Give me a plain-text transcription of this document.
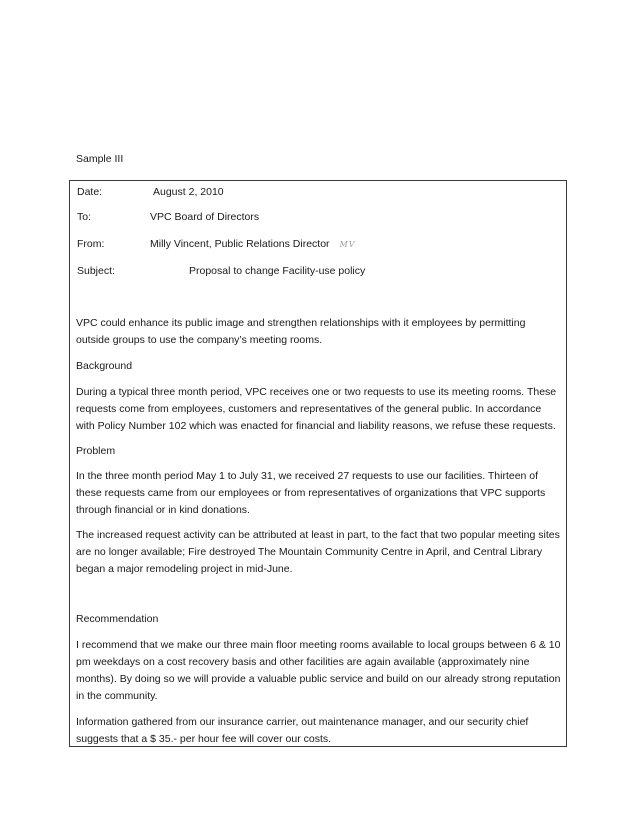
Sample III
Date:	August 2, 2010
To:	VPC Board of Directors
From:	Milly Vincent, Public Relations Director MV
Subject:	Proposal to change Facility-use policy

VPC could enhance its public image and strengthen relationships with it employees by permitting outside groups to use the company’s meeting rooms.

Background

During a typical three month period, VPC receives one or two requests to use its meeting rooms. These requests come from employees, customers and representatives of the general public. In accordance with Policy Number 102 which was enacted for financial and liability reasons, we refuse these requests.

Problem

In the three month period May 1 to July 31, we received 27 requests to use our facilities. Thirteen of these requests came from our employees or from representatives of organizations that VPC supports through financial or in kind donations.

The increased request activity can be attributed at least in part, to the fact that two popular meeting sites are no longer available; Fire destroyed The Mountain Community Centre in April, and Central Library began a major remodeling project in mid-June.

Recommendation

I recommend that we make our three main floor meeting rooms available to local groups between 6 & 10 pm weekdays on a cost recovery basis and other facilities are again available (approximately nine months). By doing so we will provide a valuable public service and build on our already strong reputation in the community.

Information gathered from our insurance carrier, out maintenance manager, and our security chief suggests that a $ 35.- per hour fee will cover our costs.
